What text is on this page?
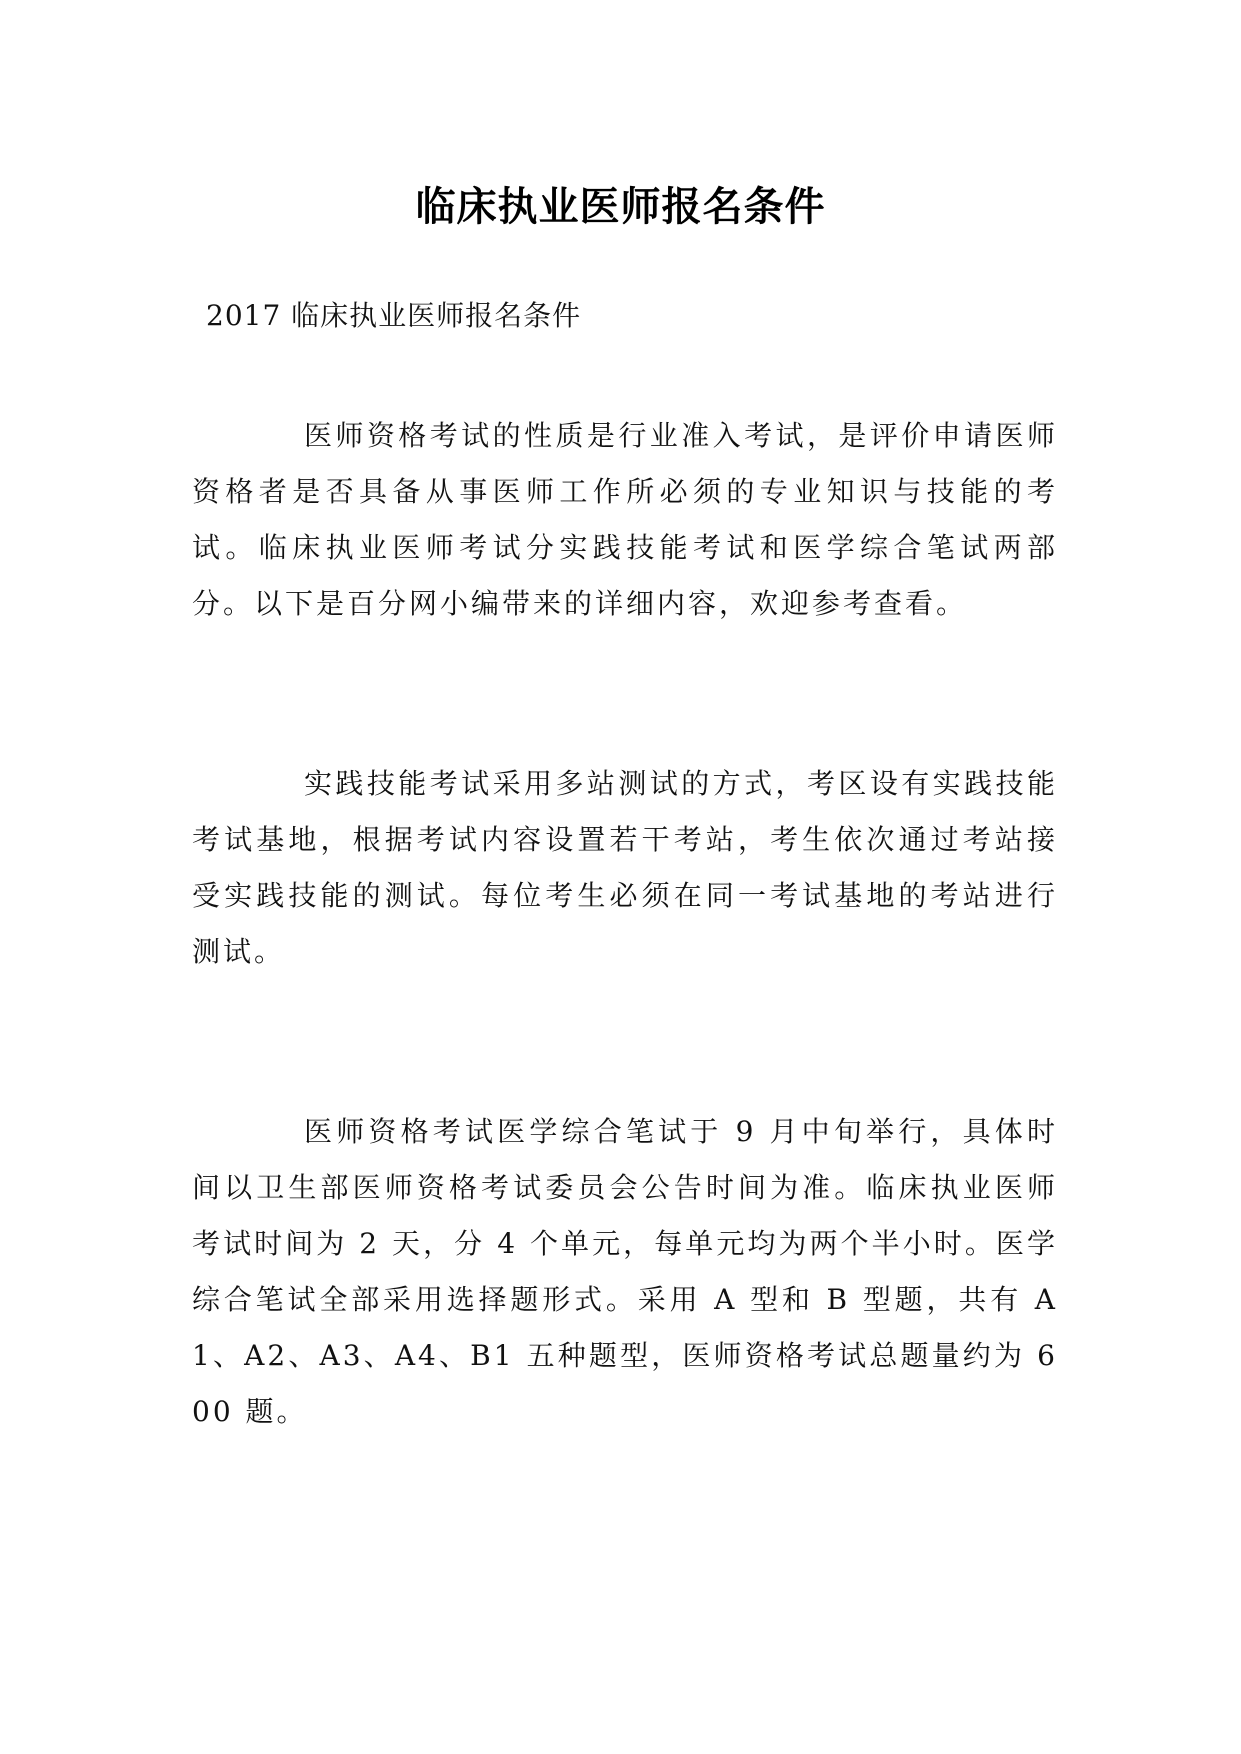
临床执业医师报名条件
2017 临床执业医师报名条件

医师资格考试的性质是行业准入考试，是评价申请医师资格者是否具备从事医师工作所必须的专业知识与技能的考试。临床执业医师考试分实践技能考试和医学综合笔试两部分。以下是百分网小编带来的详细内容，欢迎参考查看。

实践技能考试采用多站测试的方式，考区设有实践技能考试基地，根据考试内容设置若干考站，考生依次通过考站接受实践技能的测试。每位考生必须在同一考试基地的考站进行测试。

医师资格考试医学综合笔试于 9 月中旬举行，具体时间以卫生部医师资格考试委员会公告时间为准。临床执业医师考试时间为 2 天，分 4 个单元，每单元均为两个半小时。医学综合笔试全部采用选择题形式。采用 A 型和 B 型题，共有 A1、A2、A3、A4、B1 五种题型，医师资格考试总题量约为 600 题。
